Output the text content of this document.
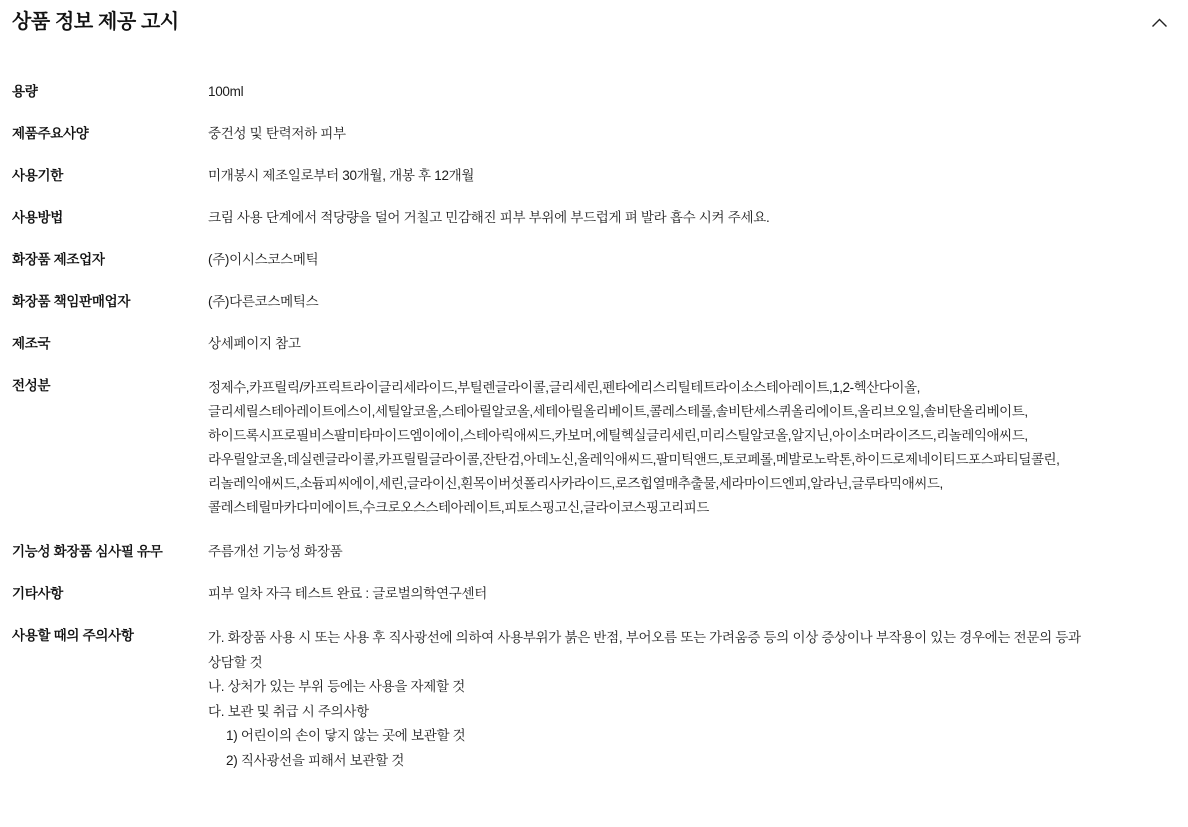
상품 정보 제공 고시
용량	100ml

제품주요사양	중건성 및 탄력저하 피부

사용기한	미개봉시 제조일로부터 30개월, 개봉 후 12개월

사용방법	크림 사용 단계에서 적당량을 덜어 거칠고 민감해진 피부 부위에 부드럽게 펴 발라 흡수 시켜 주세요.

화장품 제조업자	(주)이시스코스메틱

화장품 책임판매업자	(주)다른코스메틱스

제조국	상세페이지 참고

전성분	정제수,카프릴릭/카프릭트라이글리세라이드,부틸렌글라이콜,글리세린,펜타에리스리틸테트라이소스테아레이트,1,2-헥산다이올,
글리세릴스테아레이트에스이,세틸알코올,스테아릴알코올,세테아릴올리베이트,콜레스테롤,솔비탄세스퀴올리에이트,올리브오일,솔비탄올리베이트,
하이드록시프로필비스팔미타마이드엠이에이,스테아릭애씨드,카보머,에틸헥실글리세린,미리스틸알코올,알지닌,아이소머라이즈드,리놀레익애씨드,
라우릴알코올,데실렌글라이콜,카프릴릴글라이콜,잔탄검,아데노신,올레익애씨드,팔미틱앤드,토코페롤,메발로노락톤,하이드로제네이티드포스파티딜콜린,
리놀레익애씨드,소듐피씨에이,세린,글라이신,흰목이버섯폴리사카라이드,로즈힙열매추출물,세라마이드엔피,알라닌,글루타믹애씨드,
콜레스테릴마카다미에이트,수크로오스스테아레이트,피토스핑고신,글라이코스핑고리피드

기능성 화장품 심사필 유무	주름개선 기능성 화장품

기타사항	피부 일차 자극 테스트 완료 : 글로벌의학연구센터

사용할 때의 주의사항	가. 화장품 사용 시 또는 사용 후 직사광선에 의하여 사용부위가 붉은 반점, 부어오름 또는 가려움증 등의 이상 증상이나 부작용이 있는 경우에는 전문의 등과
상담할 것
나. 상처가 있는 부위 등에는 사용을 자제할 것
다. 보관 및 취급 시 주의사항
1) 어린이의 손이 닿지 않는 곳에 보관할 것
2) 직사광선을 피해서 보관할 것
